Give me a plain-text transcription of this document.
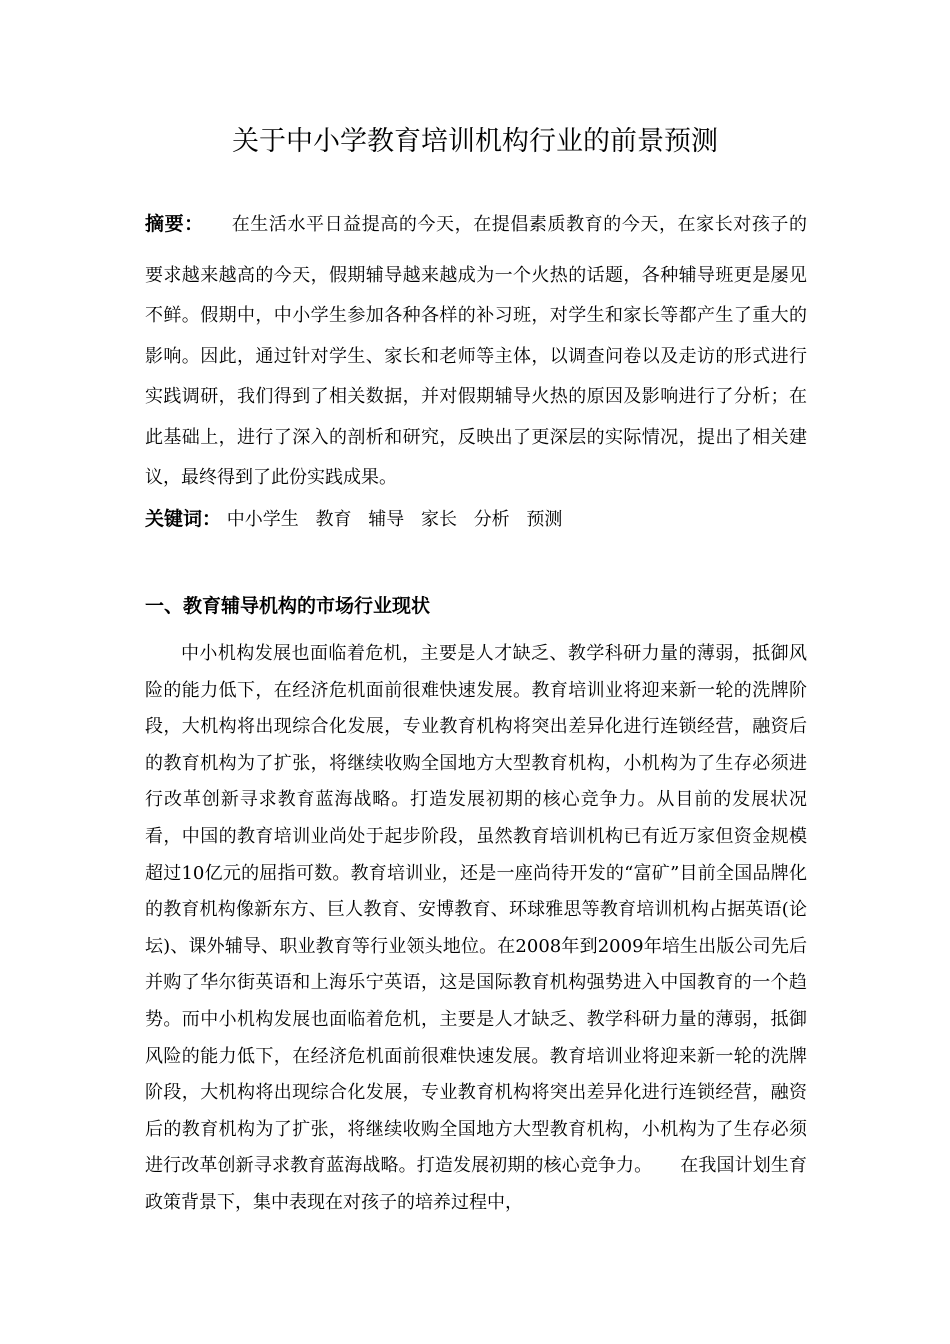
关于中小学教育培训机构行业的前景预测

摘要： 在生活水平日益提高的今天，在提倡素质教育的今天，在家长对孩子的
要求越来越高的今天，假期辅导越来越成为一个火热的话题，各种辅导班更是屡见不鲜。假期中，中小学生参加各种各样的补习班，对学生和家长等都产生了重大的影响。因此，通过针对学生、家长和老师等主体，以调查问卷以及走访的形式进行实践调研，我们得到了相关数据，并对假期辅导火热的原因及影响进行了分析；在此基础上，进行了深入的剖析和研究，反映出了更深层的实际情况，提出了相关建议，最终得到了此份实践成果。

关键词： 中小学生 教育 辅导 家长 分析 预测

一、教育辅导机构的市场行业现状

中小机构发展也面临着危机，主要是人才缺乏、教学科研力量的薄弱，抵御风险的能力低下，在经济危机面前很难快速发展。教育培训业将迎来新一轮的洗牌阶段，大机构将出现综合化发展，专业教育机构将突出差异化进行连锁经营，融资后的教育机构为了扩张，将继续收购全国地方大型教育机构，小机构为了生存必须进行改革创新寻求教育蓝海战略。打造发展初期的核心竞争力。从目前的发展状况看，中国的教育培训业尚处于起步阶段，虽然教育培训机构已有近万家但资金规模超过10亿元的屈指可数。教育培训业，还是一座尚待开发的“富矿”目前全国品牌化的教育机构像新东方、巨人教育、安博教育、环球雅思等教育培训机构占据英语(论坛)、课外辅导、职业教育等行业领头地位。在2008年到2009年培生出版公司先后并购了华尔街英语和上海乐宁英语，这是国际教育机构强势进入中国教育的一个趋势。而中小机构发展也面临着危机，主要是人才缺乏、教学科研力量的薄弱，抵御风险的能力低下，在经济危机面前很难快速发展。教育培训业将迎来新一轮的洗牌阶段，大机构将出现综合化发展，专业教育机构将突出差异化进行连锁经营，融资后的教育机构为了扩张，将继续收购全国地方大型教育机构，小机构为了生存必须进行改革创新寻求教育蓝海战略。打造发展初期的核心竞争力。 在我国计划生育政策背景下，集中表现在对孩子的培养过程中，
